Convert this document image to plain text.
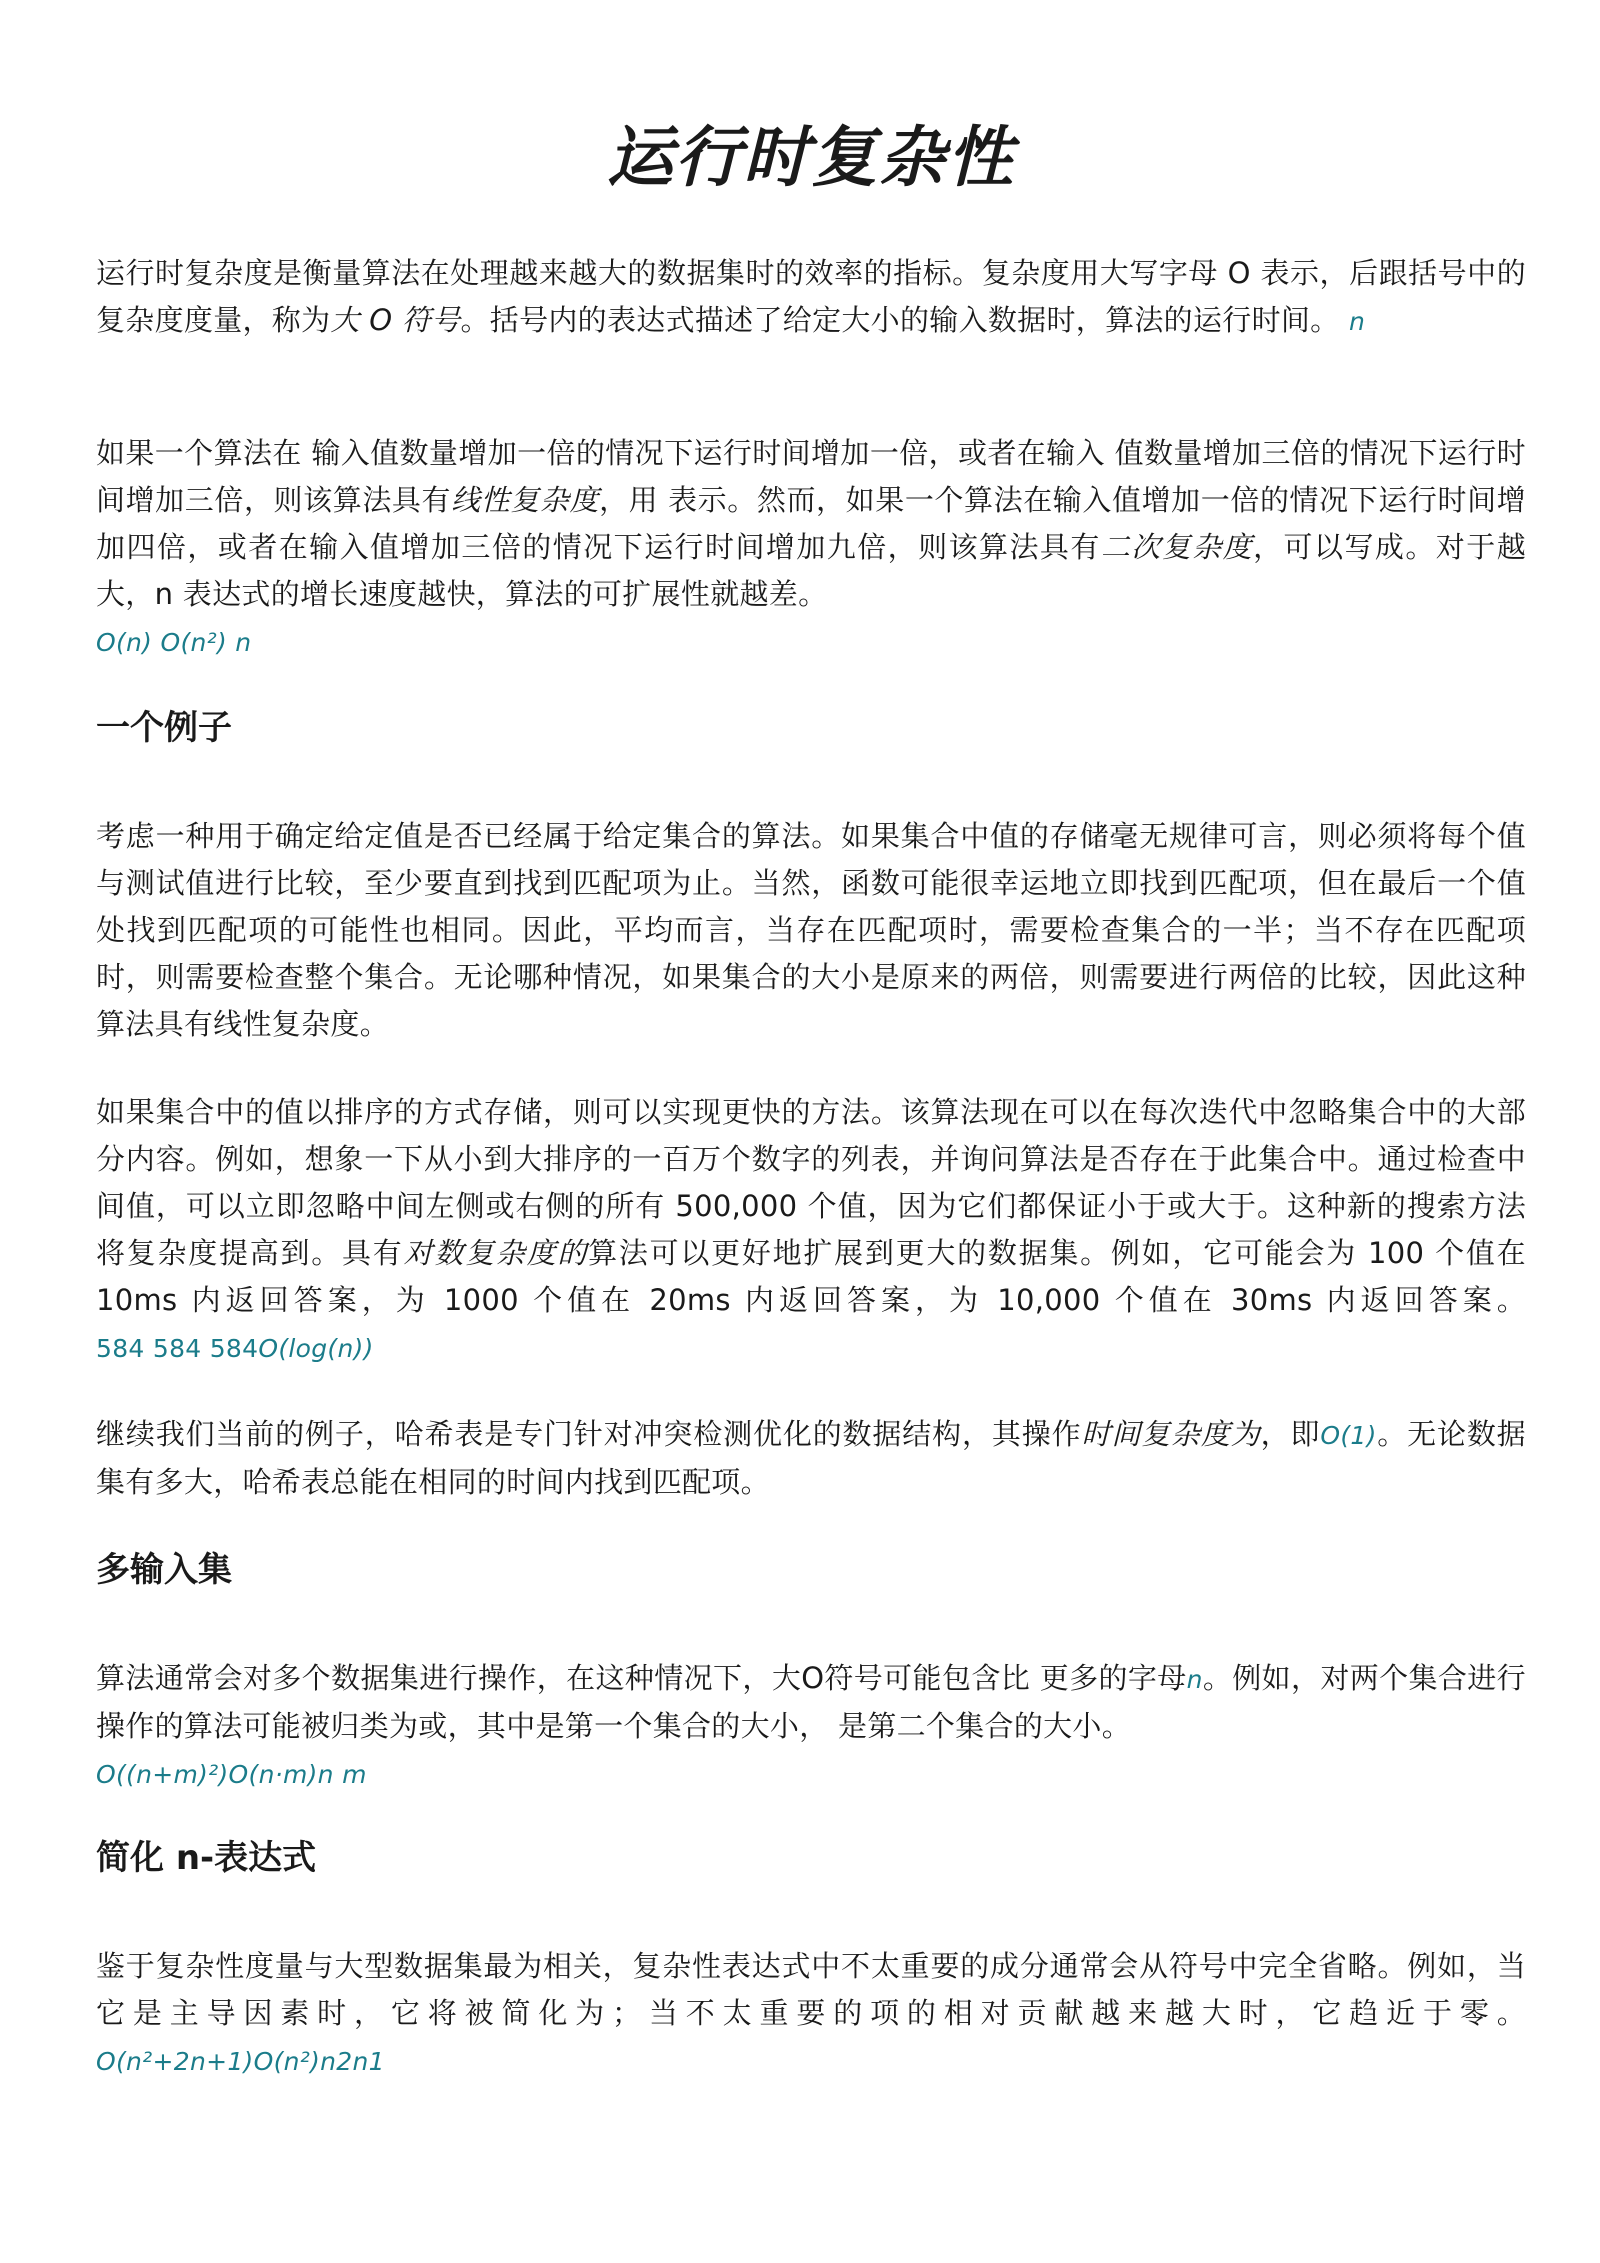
运行时复杂性

运行时复杂度是衡量算法在处理越来越大的数据集时的效率的指标。复杂度用大写字母 O 表示，后跟括号中的复杂度度量，称为大 O 符号。括号内的表达式描述了给定大小的输入数据时，算法的运行时间。 n

如果一个算法在 输入值数量增加一倍的情况下运行时间增加一倍，或者在输入 值数量增加三倍的情况下运行时间增加三倍，则该算法具有线性复杂度，用 表示。然而，如果一个算法在输入值增加一倍的情况下运行时间增加四倍，或者在输入值增加三倍的情况下运行时间增加九倍，则该算法具有二次复杂度，可以写成。对于越大，n 表达式的增长速度越快，算法的可扩展性就越差。
O(n) O(n²) n

一个例子

考虑一种用于确定给定值是否已经属于给定集合的算法。如果集合中值的存储毫无规律可言，则必须将每个值与测试值进行比较，至少要直到找到匹配项为止。当然，函数可能很幸运地立即找到匹配项，但在最后一个值处找到匹配项的可能性也相同。因此，平均而言，当存在匹配项时，需要检查集合的一半；当不存在匹配项时，则需要检查整个集合。无论哪种情况，如果集合的大小是原来的两倍，则需要进行两倍的比较，因此这种算法具有线性复杂度。

如果集合中的值以排序的方式存储，则可以实现更快的方法。该算法现在可以在每次迭代中忽略集合中的大部分内容。例如，想象一下从小到大排序的一百万个数字的列表，并询问算法是否存在于此集合中。通过检查中间值，可以立即忽略中间左侧或右侧的所有 500,000 个值，因为它们都保证小于或大于。这种新的搜索方法将复杂度提高到。具有对数复杂度的算法可以更好地扩展到更大的数据集。例如，它可能会为 100 个值在 10ms 内返回答案，为 1000 个值在 20ms 内返回答案，为 10,000 个值在 30ms 内返回答案。 584 584 584O(log(n))

继续我们当前的例子，哈希表是专门针对冲突检测优化的数据结构，其操作时间复杂度为，即O(1)。无论数据集有多大，哈希表总能在相同的时间内找到匹配项。

多输入集

算法通常会对多个数据集进行操作，在这种情况下，大O符号可能包含比 更多的字母n。例如，对两个集合进行操作的算法可能被归类为或，其中是第一个集合的大小， 是第二个集合的大小。
O((n+m)²)O(n·m)n m

简化 n-表达式

鉴于复杂性度量与大型数据集最为相关，复杂性表达式中不太重要的成分通常会从符号中完全省略。例如，当它是主导因素时，它将被简化为；当不太重要的项的相对贡献越来越大时，它趋近于零。 O(n²+2n+1)O(n²)n2n1
